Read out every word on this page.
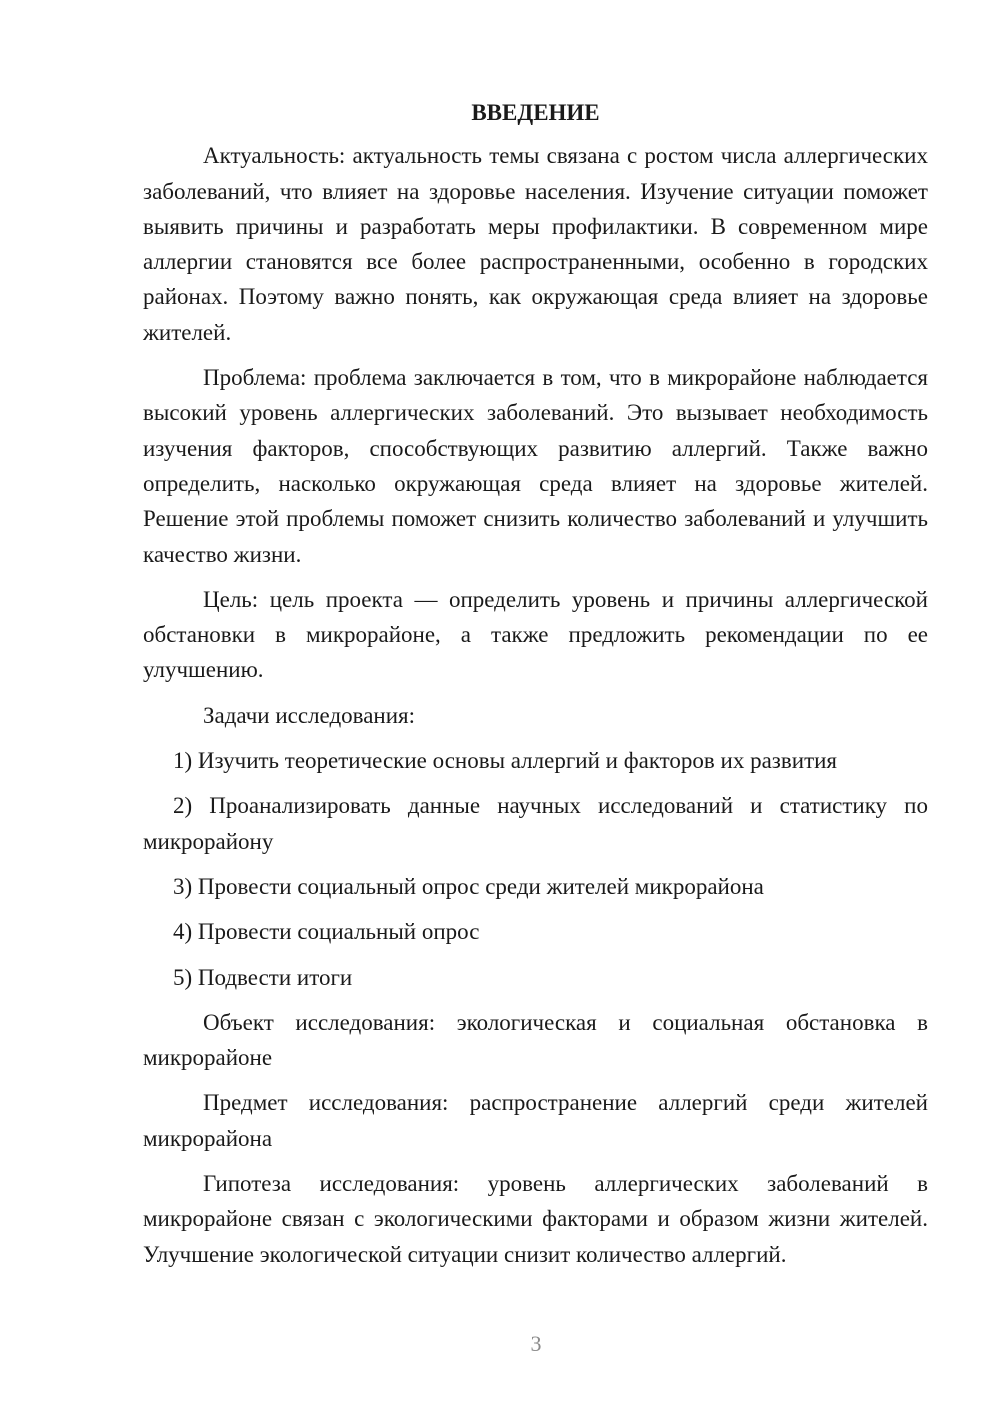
ВВЕДЕНИЕ

Актуальность: актуальность темы связана с ростом числа аллергических заболеваний, что влияет на здоровье населения. Изучение ситуации поможет выявить причины и разработать меры профилактики. В современном мире аллергии становятся все более распространенными, особенно в городских районах. Поэтому важно понять, как окружающая среда влияет на здоровье жителей.

Проблема: проблема заключается в том, что в микрорайоне наблюдается высокий уровень аллергических заболеваний. Это вызывает необходимость изучения факторов, способствующих развитию аллергий. Также важно определить, насколько окружающая среда влияет на здоровье жителей. Решение этой проблемы поможет снизить количество заболеваний и улучшить качество жизни.

Цель: цель проекта — определить уровень и причины аллергической обстановки в микрорайоне, а также предложить рекомендации по ее улучшению.

Задачи исследования:

1) Изучить теоретические основы аллергий и факторов их развития

2) Проанализировать данные научных исследований и статистику по микрорайону

3) Провести социальный опрос среди жителей микрорайона

4) Провести социальный опрос

5) Подвести итоги

Объект исследования: экологическая и социальная обстановка в микрорайоне

Предмет исследования: распространение аллергий среди жителей микрорайона

Гипотеза исследования: уровень аллергических заболеваний в микрорайоне связан с экологическими факторами и образом жизни жителей. Улучшение экологической ситуации снизит количество аллергий.

3
